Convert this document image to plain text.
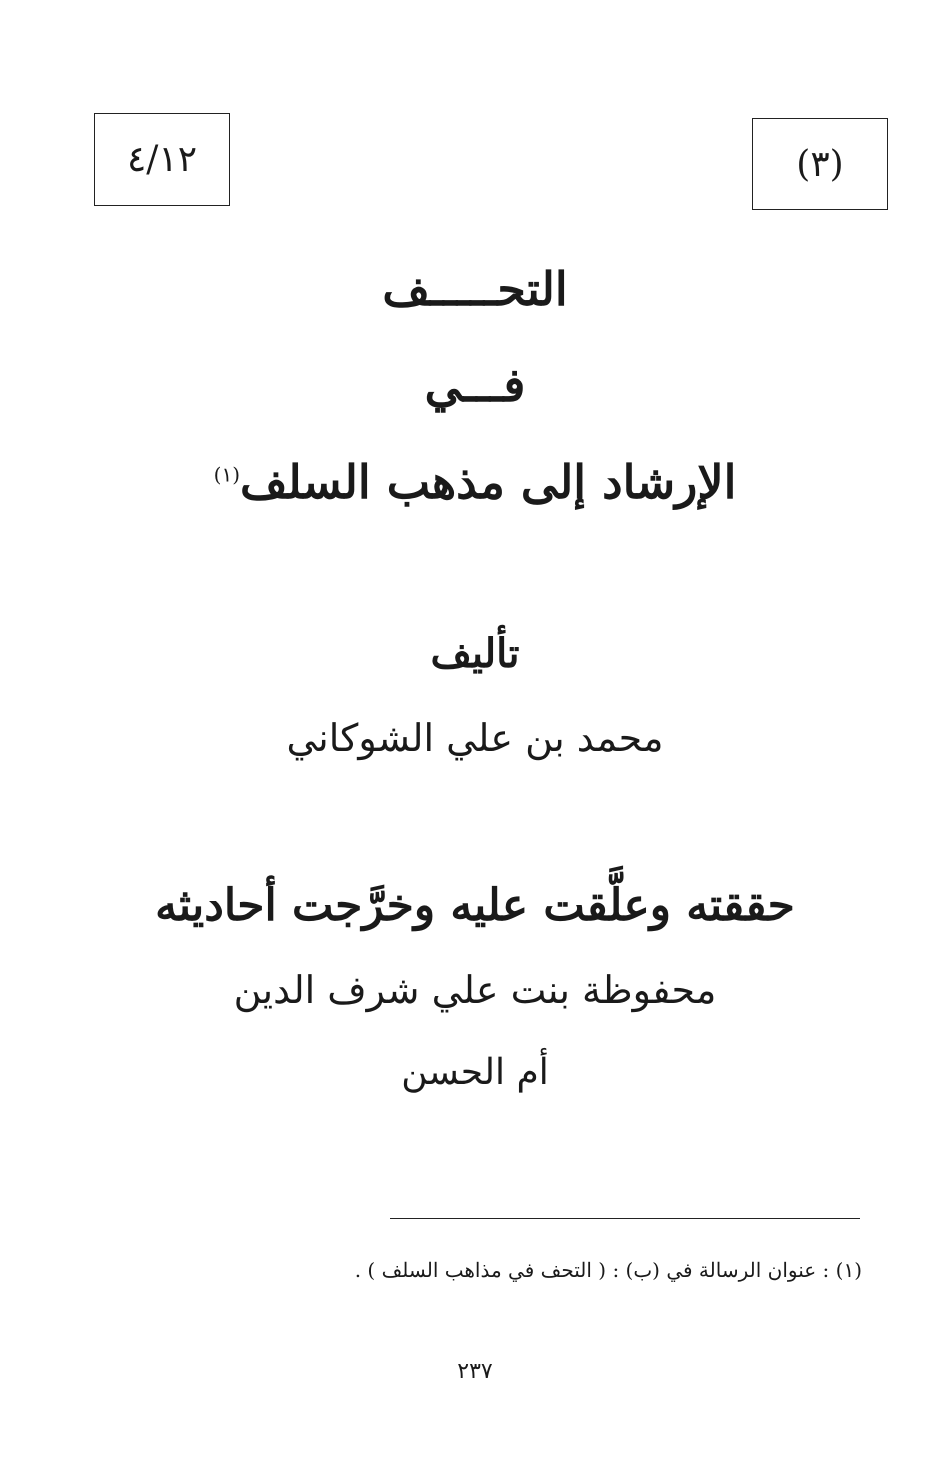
٤/١٢	(٣)
التحـــــف
فـــي
الإرشاد إلى مذهب السلف$^{(١)}$
تأليف
محمد بن علي الشوكاني
حققته وعلَّقت عليه وخرَّجت أحاديثه
محفوظة بنت علي شرف الدين
أم الحسن
(١) : عنوان الرسالة في (ب) : ( التحف في مذاهب السلف ) .
٢٣٧
